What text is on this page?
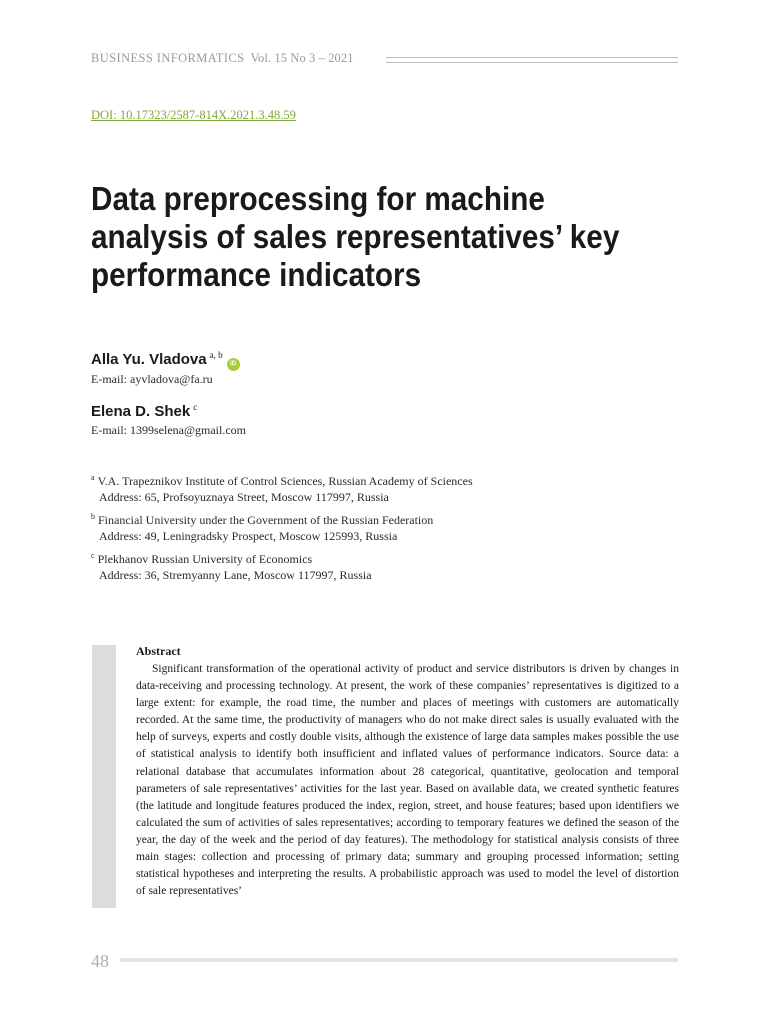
BUSINESS INFORMATICS Vol. 15 No 3 – 2021
DOI: 10.17323/2587-814X.2021.3.48.59
Data preprocessing for machine analysis of sales representatives’ key performance indicators
Alla Yu. Vladova $^{a, b}$iD
E-mail: ayvladova@fa.ru
Elena D. Shek $^c$
E-mail: 1399selena@gmail.com
$^a$ V.A. Trapeznikov Institute of Control Sciences, Russian Academy of Sciences
Address: 65, Profsoyuznaya Street, Moscow 117997, Russia
$^b$ Financial University under the Government of the Russian Federation
Address: 49, Leningradsky Prospect, Moscow 125993, Russia
$^c$ Plekhanov Russian University of Economics
Address: 36, Stremyanny Lane, Moscow 117997, Russia
Abstract

Significant transformation of the operational activity of product and service distributors is driven by changes in data-receiving and processing technology. At present, the work of these companies’ representatives is digitized to a large extent: for example, the road time, the number and places of meetings with customers are automatically recorded. At the same time, the productivity of managers who do not make direct sales is usually evaluated with the help of surveys, experts and costly double visits, although the existence of large data samples makes possible the use of statistical analysis to identify both insufficient and inflated values of performance indicators. Source data: a relational database that accumulates information about 28 categorical, quantitative, geolocation and temporal parameters of sale representatives’ activities for the last year. Based on available data, we created synthetic features (the latitude and longitude features produced the index, region, street, and house features; based upon identifiers we calculated the sum of activities of sales representatives; according to temporary features we defined the season of the year, the day of the week and the period of day features). The methodology for statistical analysis consists of three main stages: collection and processing of primary data; summary and grouping processed information; setting statistical hypotheses and interpreting the results. A probabilistic approach was used to model the level of distortion of sale representatives’

48
